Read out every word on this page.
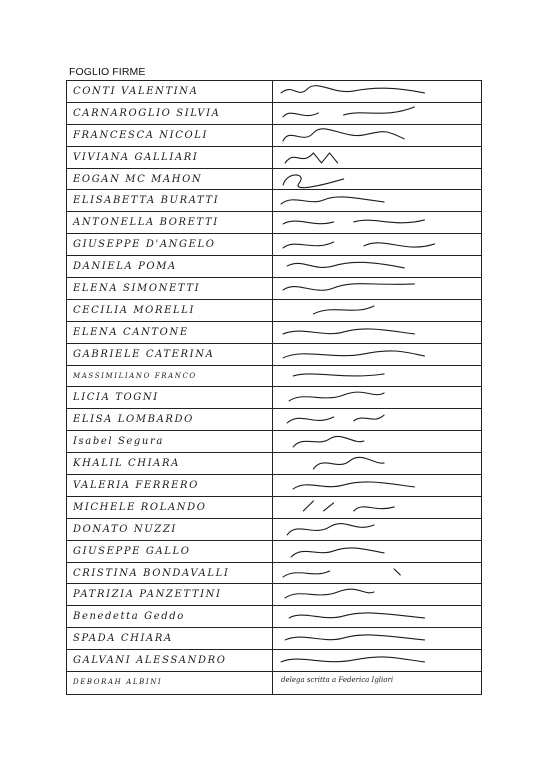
FOGLIO FIRME
CONTI VALENTINA
CARNAROGLIO SILVIA
FRANCESCA NICOLI
VIVIANA GALLIARI
EOGAN MC MAHON
ELISABETTA BURATTI
ANTONELLA BORETTI
GIUSEPPE D'ANGELO
DANIELA POMA
ELENA SIMONETTI
CECILIA MORELLI
ELENA CANTONE
GABRIELE CATERINA
MASSIMILIANO FRANCO
LICIA TOGNI
ELISA LOMBARDO
Isabel Segura
KHALIL CHIARA
VALERIA FERRERO
MICHELE ROLANDO
DONATO NUZZI
GIUSEPPE GALLO
CRISTINA BONDAVALLI
PATRIZIA PANZETTINI
Benedetta Geddo
SPADA CHIARA
GALVANI ALESSANDRO
DEBORAH ALBINI	delega scritta a Federica Igliori
